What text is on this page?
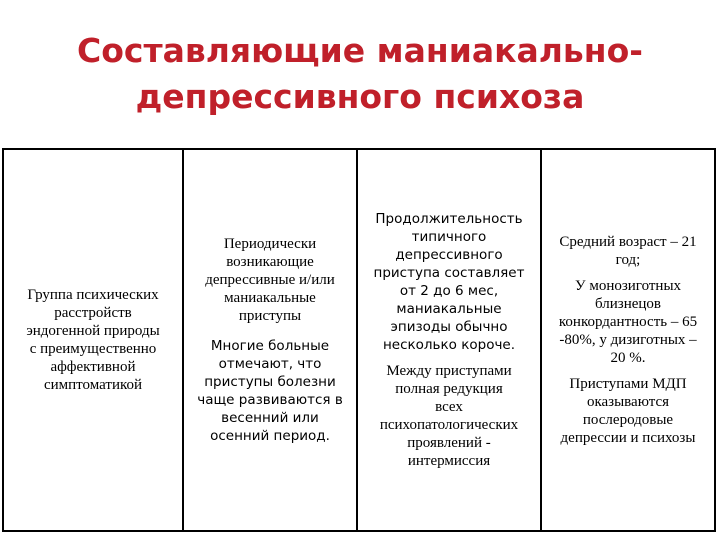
Составляющие маниакально-
депрессивного психоза
Группа психических
расстройств
эндогенной природы
с преимущественно
аффективной
симптоматикой
Периодически
возникающие
депрессивные и/или
маниакальные
приступы
Многие больные
отмечают, что
приступы болезни
чаще развиваются в
весенний или
осенний период.
Продолжительность
типичного
депрессивного
приступа составляет
от 2 до 6 мес,
маниакальные
эпизоды обычно
несколько короче.
Между приступами
полная редукция
всех
психопатологических
проявлений -
интермиссия
Средний возраст – 21
год;
У монозиготных
близнецов
конкордантность – 65
-80%, у дизиготных –
20 %.
Приступами МДП
оказываются
послеродовые
депрессии и психозы
